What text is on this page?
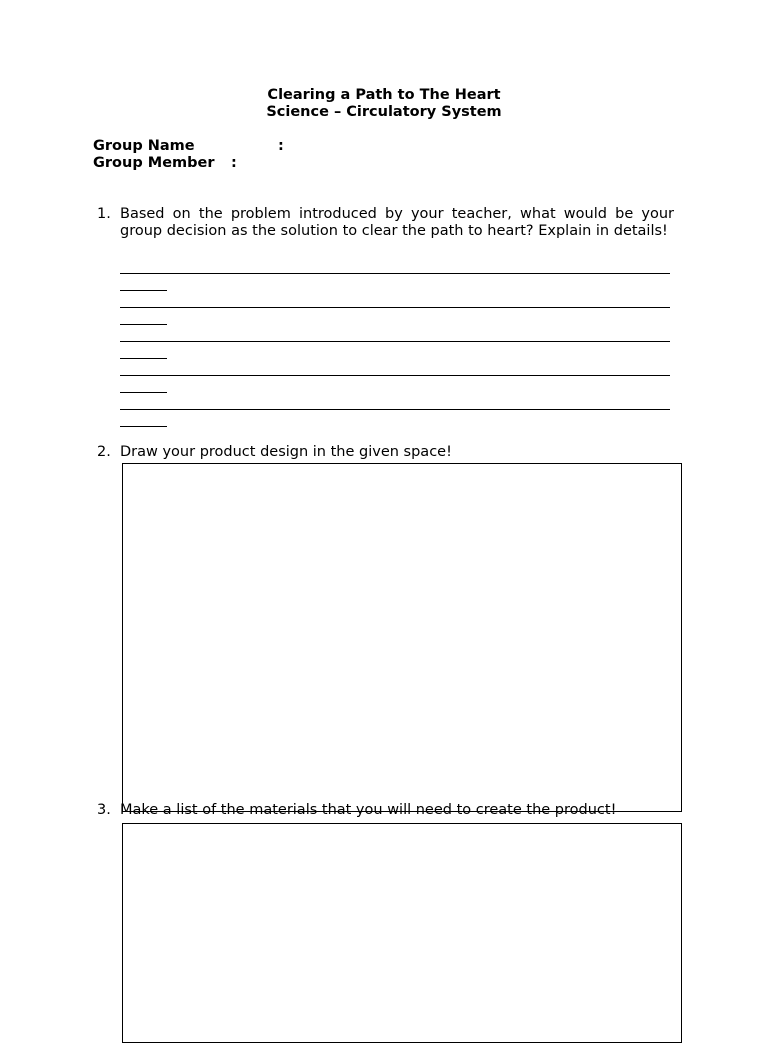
Clearing a Path to The Heart
Science – Circulatory System
Group Name	:
Group Member :
1. Based on the problem introduced by your teacher, what would be your group decision as the solution to clear the path to heart? Explain in details!
2. Draw your product design in the given space!
3. Make a list of the materials that you will need to create the product!
